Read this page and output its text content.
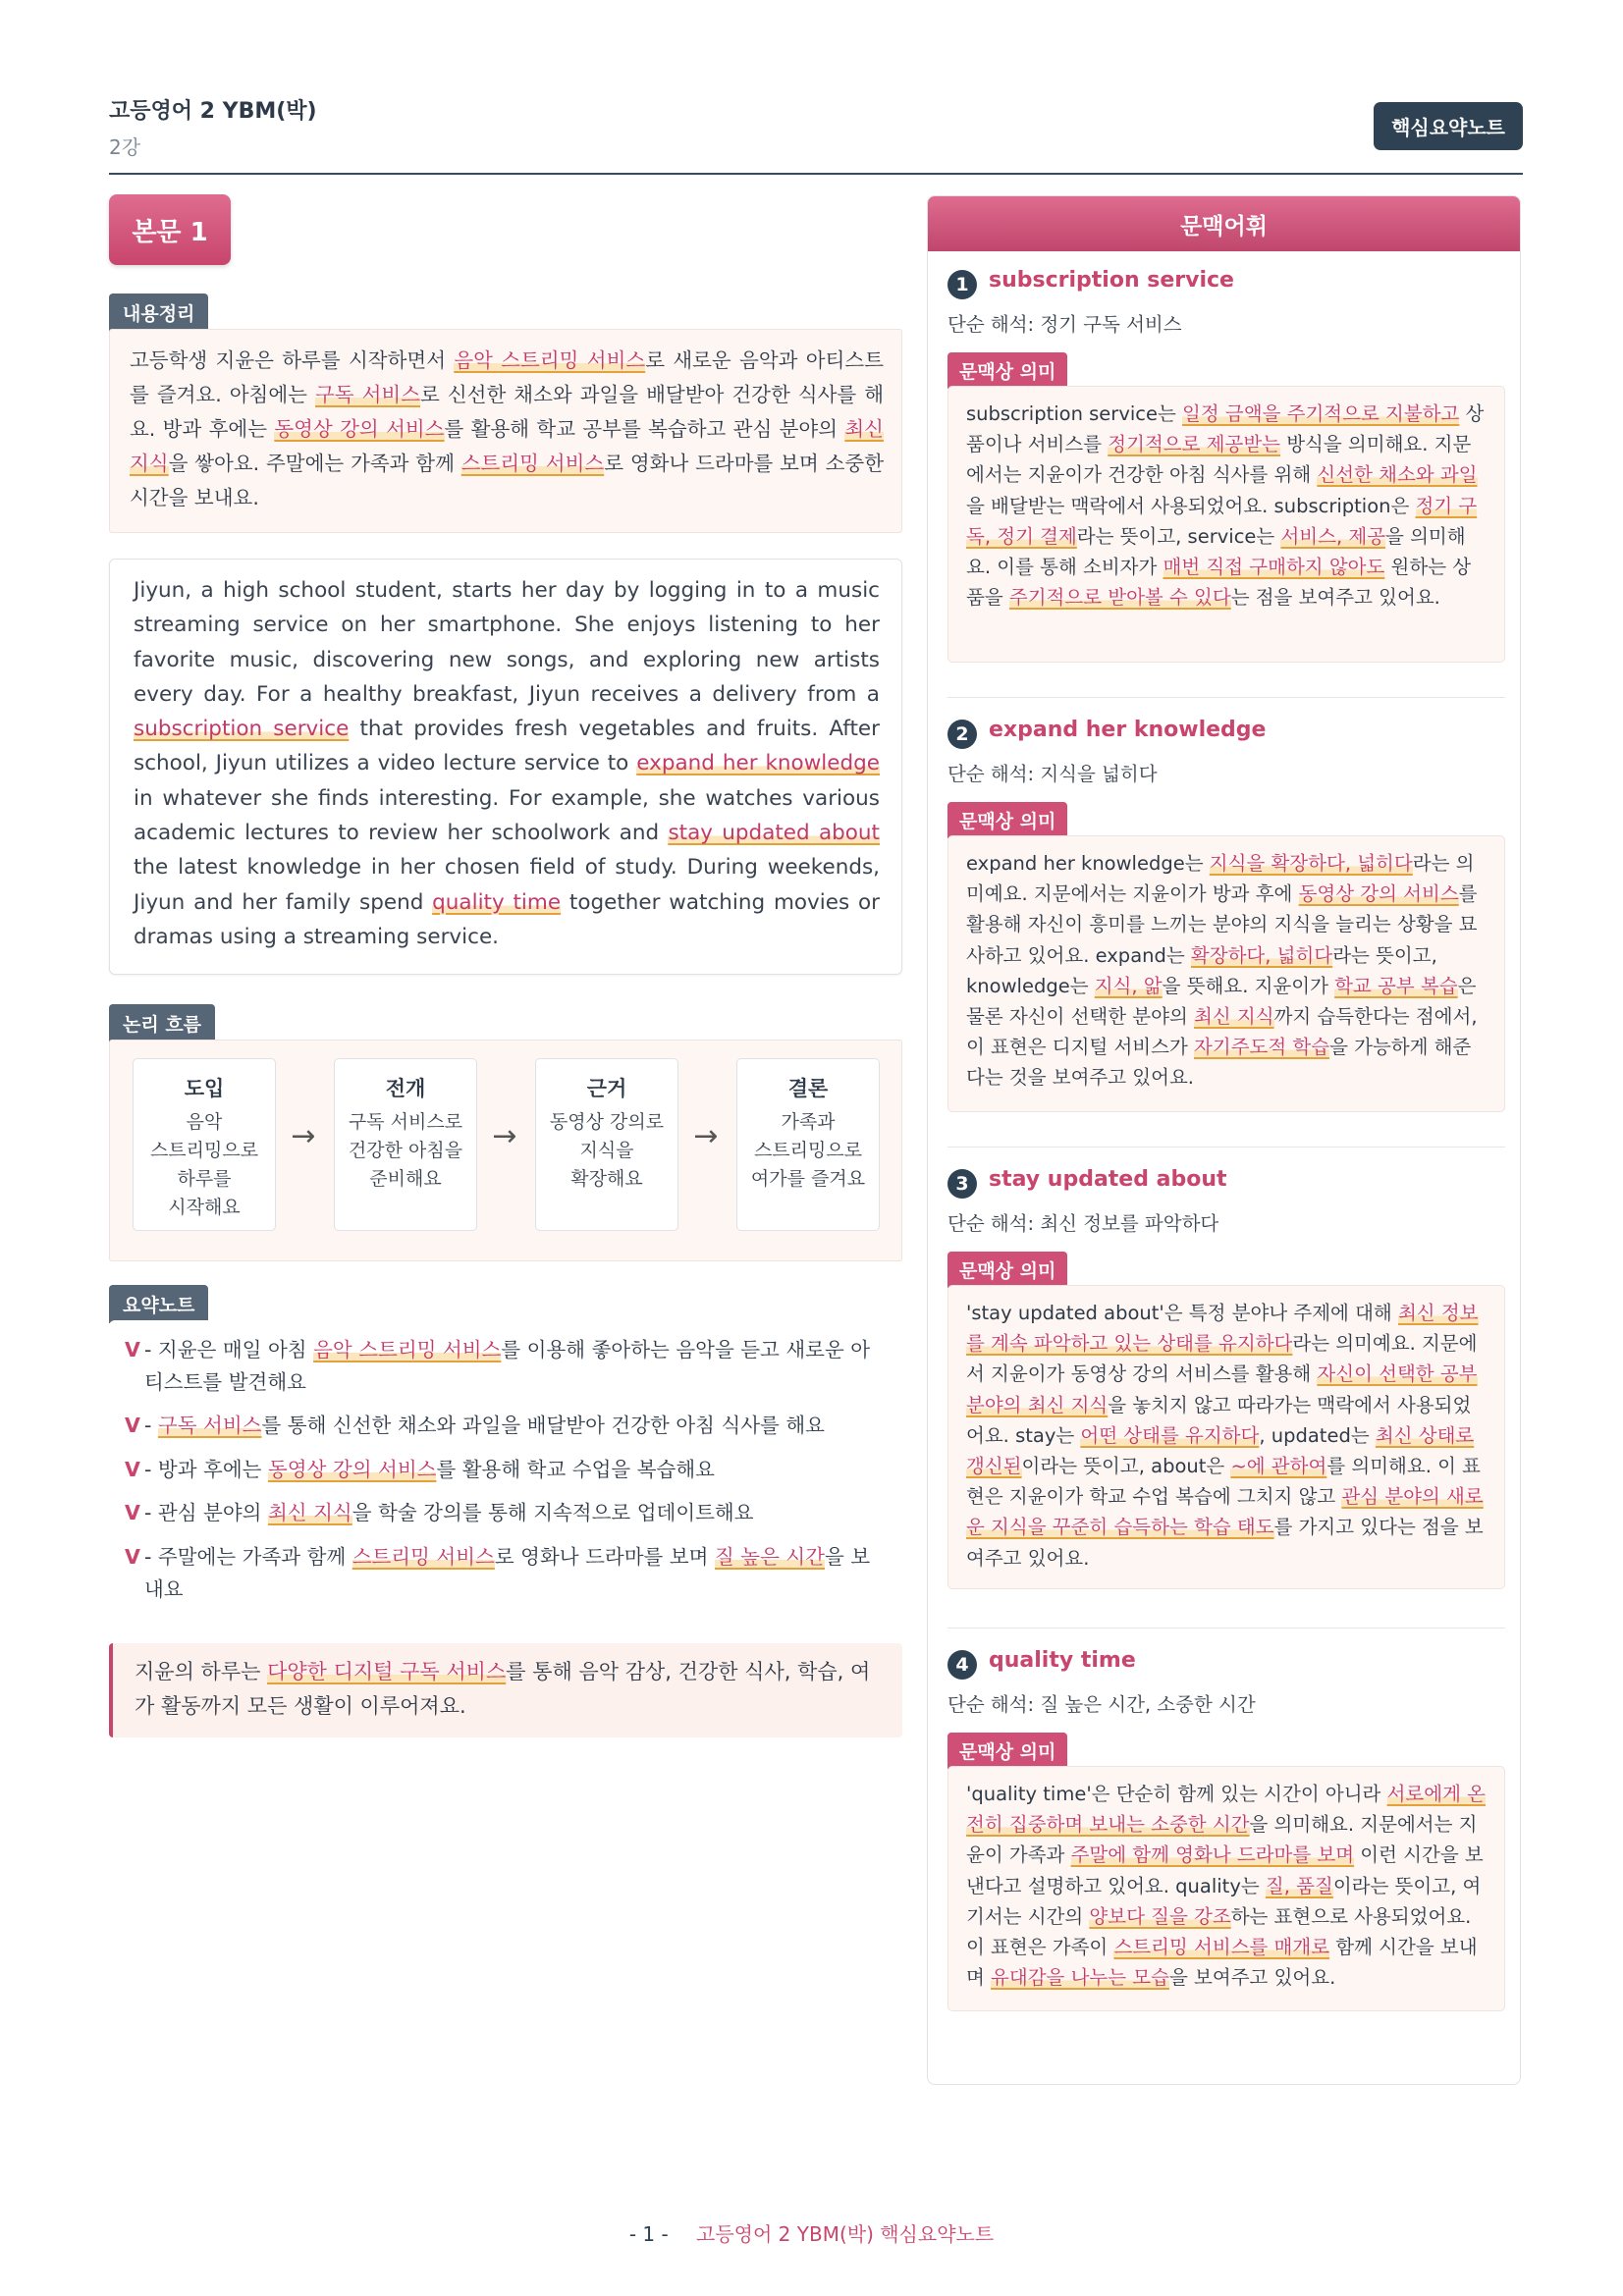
고등영어 2 YBM(박)
2강
핵심요약노트
본문 1
내용정리
고등학생 지윤은 하루를 시작하면서 음악 스트리밍 서비스로 새로운 음악과 아티스트를 즐겨요. 아침에는 구독 서비스로 신선한 채소와 과일을 배달받아 건강한 식사를 해요. 방과 후에는 동영상 강의 서비스를 활용해 학교 공부를 복습하고 관심 분야의 최신 지식을 쌓아요. 주말에는 가족과 함께 스트리밍 서비스로 영화나 드라마를 보며 소중한 시간을 보내요.
Jiyun, a high school student, starts her day by logging in to a music streaming service on her smartphone. She enjoys listening to her favorite music, discovering new songs, and exploring new artists every day. For a healthy breakfast, Jiyun receives a delivery from a subscription service that provides fresh vegetables and fruits. After school, Jiyun utilizes a video lecture service to expand her knowledge in whatever she finds interesting. For example, she watches various academic lectures to review her schoolwork and stay updated about the latest knowledge in her chosen field of study. During weekends, Jiyun and her family spend quality time together watching movies or dramas using a streaming service.
논리 흐름
도입
음악
스트리밍으로
하루를
시작해요
→
전개
구독 서비스로
건강한 아침을
준비해요
→
근거
동영상 강의로
지식을
확장해요
→
결론
가족과
스트리밍으로
여가를 즐겨요
요약노트
V - 지윤은 매일 아침 음악 스트리밍 서비스를 이용해 좋아하는 음악을 듣고 새로운 아티스트를 발견해요
V - 구독 서비스를 통해 신선한 채소와 과일을 배달받아 건강한 아침 식사를 해요
V - 방과 후에는 동영상 강의 서비스를 활용해 학교 수업을 복습해요
V - 관심 분야의 최신 지식을 학술 강의를 통해 지속적으로 업데이트해요
V - 주말에는 가족과 함께 스트리밍 서비스로 영화나 드라마를 보며 질 높은 시간을 보내요
지윤의 하루는 다양한 디지털 구독 서비스를 통해 음악 감상, 건강한 식사, 학습, 여가 활동까지 모든 생활이 이루어져요.
문맥어휘
1 subscription service
단순 해석: 정기 구독 서비스
문맥상 의미
subscription service는 일정 금액을 주기적으로 지불하고 상품이나 서비스를 정기적으로 제공받는 방식을 의미해요. 지문에서는 지윤이가 건강한 아침 식사를 위해 신선한 채소와 과일을 배달받는 맥락에서 사용되었어요. subscription은 정기 구독, 정기 결제라는 뜻이고, service는 서비스, 제공을 의미해요. 이를 통해 소비자가 매번 직접 구매하지 않아도 원하는 상품을 주기적으로 받아볼 수 있다는 점을 보여주고 있어요.
2 expand her knowledge
단순 해석: 지식을 넓히다
문맥상 의미
expand her knowledge는 지식을 확장하다, 넓히다라는 의미예요. 지문에서는 지윤이가 방과 후에 동영상 강의 서비스를 활용해 자신이 흥미를 느끼는 분야의 지식을 늘리는 상황을 묘사하고 있어요. expand는 확장하다, 넓히다라는 뜻이고, knowledge는 지식, 앎을 뜻해요. 지윤이가 학교 공부 복습은 물론 자신이 선택한 분야의 최신 지식까지 습득한다는 점에서, 이 표현은 디지털 서비스가 자기주도적 학습을 가능하게 해준다는 것을 보여주고 있어요.
3 stay updated about
단순 해석: 최신 정보를 파악하다
문맥상 의미
'stay updated about'은 특정 분야나 주제에 대해 최신 정보를 계속 파악하고 있는 상태를 유지하다라는 의미예요. 지문에서 지윤이가 동영상 강의 서비스를 활용해 자신이 선택한 공부 분야의 최신 지식을 놓치지 않고 따라가는 맥락에서 사용되었어요. stay는 어떤 상태를 유지하다, updated는 최신 상태로 갱신된이라는 뜻이고, about은 ~에 관하여를 의미해요. 이 표현은 지윤이가 학교 수업 복습에 그치지 않고 관심 분야의 새로운 지식을 꾸준히 습득하는 학습 태도를 가지고 있다는 점을 보여주고 있어요.
4 quality time
단순 해석: 질 높은 시간, 소중한 시간
문맥상 의미
'quality time'은 단순히 함께 있는 시간이 아니라 서로에게 온전히 집중하며 보내는 소중한 시간을 의미해요. 지문에서는 지윤이 가족과 주말에 함께 영화나 드라마를 보며 이런 시간을 보낸다고 설명하고 있어요. quality는 질, 품질이라는 뜻이고, 여기서는 시간의 양보다 질을 강조하는 표현으로 사용되었어요. 이 표현은 가족이 스트리밍 서비스를 매개로 함께 시간을 보내며 유대감을 나누는 모습을 보여주고 있어요.
- 1 - 고등영어 2 YBM(박) 핵심요약노트
